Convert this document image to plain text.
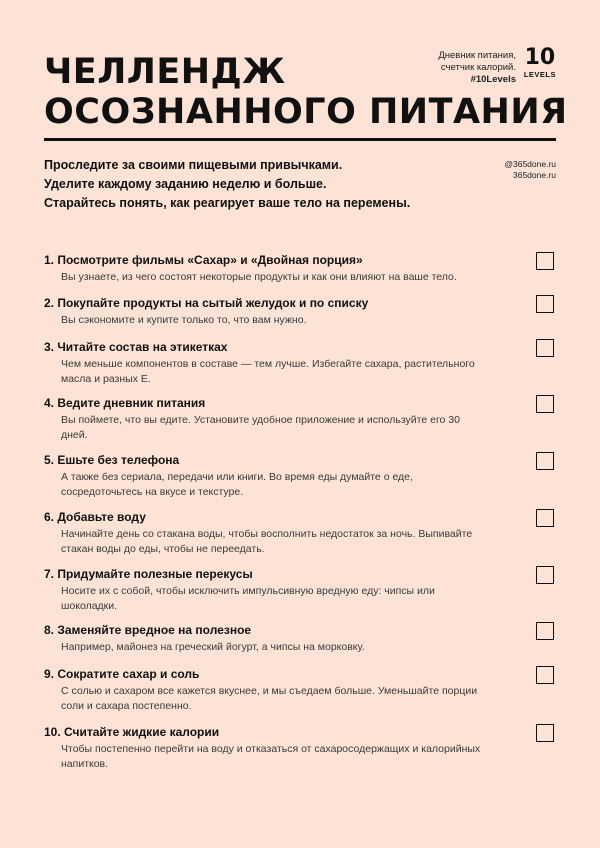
ЧЕЛЛЕНДЖ
ОСОЗНАННОГО ПИТАНИЯ
Дневник питания,
счетчик калорий.
#10Levels
10
LEVELS
Проследите за своими пищевыми привычками.
Уделите каждому заданию неделю и больше.
Старайтесь понять, как реагирует ваше тело на перемены.
@365done.ru
365done.ru
1. Посмотрите фильмы «Сахар» и «Двойная порция»
Вы узнаете, из чего состоят некоторые продукты и как они влияют на ваше тело.
2. Покупайте продукты на сытый желудок и по списку
Вы сэкономите и купите только то, что вам нужно.
3. Читайте состав на этикетках
Чем меньше компонентов в составе — тем лучше. Избегайте сахара, растительного масла и разных Е.
4. Ведите дневник питания
Вы поймете, что вы едите. Установите удобное приложение и используйте его 30 дней.
5. Ешьте без телефона
А также без сериала, передачи или книги. Во время еды думайте о еде, сосредоточьтесь на вкусе и текстуре.
6. Добавьте воду
Начинайте день со стакана воды, чтобы восполнить недостаток за ночь. Выпивайте стакан воды до еды, чтобы не переедать.
7. Придумайте полезные перекусы
Носите их с собой, чтобы исключить импульсивную вредную еду: чипсы или шоколадки.
8. Заменяйте вредное на полезное
Например, майонез на греческий йогурт, а чипсы на морковку.
9. Сократите сахар и соль
С солью и сахаром все кажется вкуснее, и мы съедаем больше. Уменьшайте порции соли и сахара постепенно.
10. Считайте жидкие калории
Чтобы постепенно перейти на воду и отказаться от сахаросодержащих и калорийных напитков.
